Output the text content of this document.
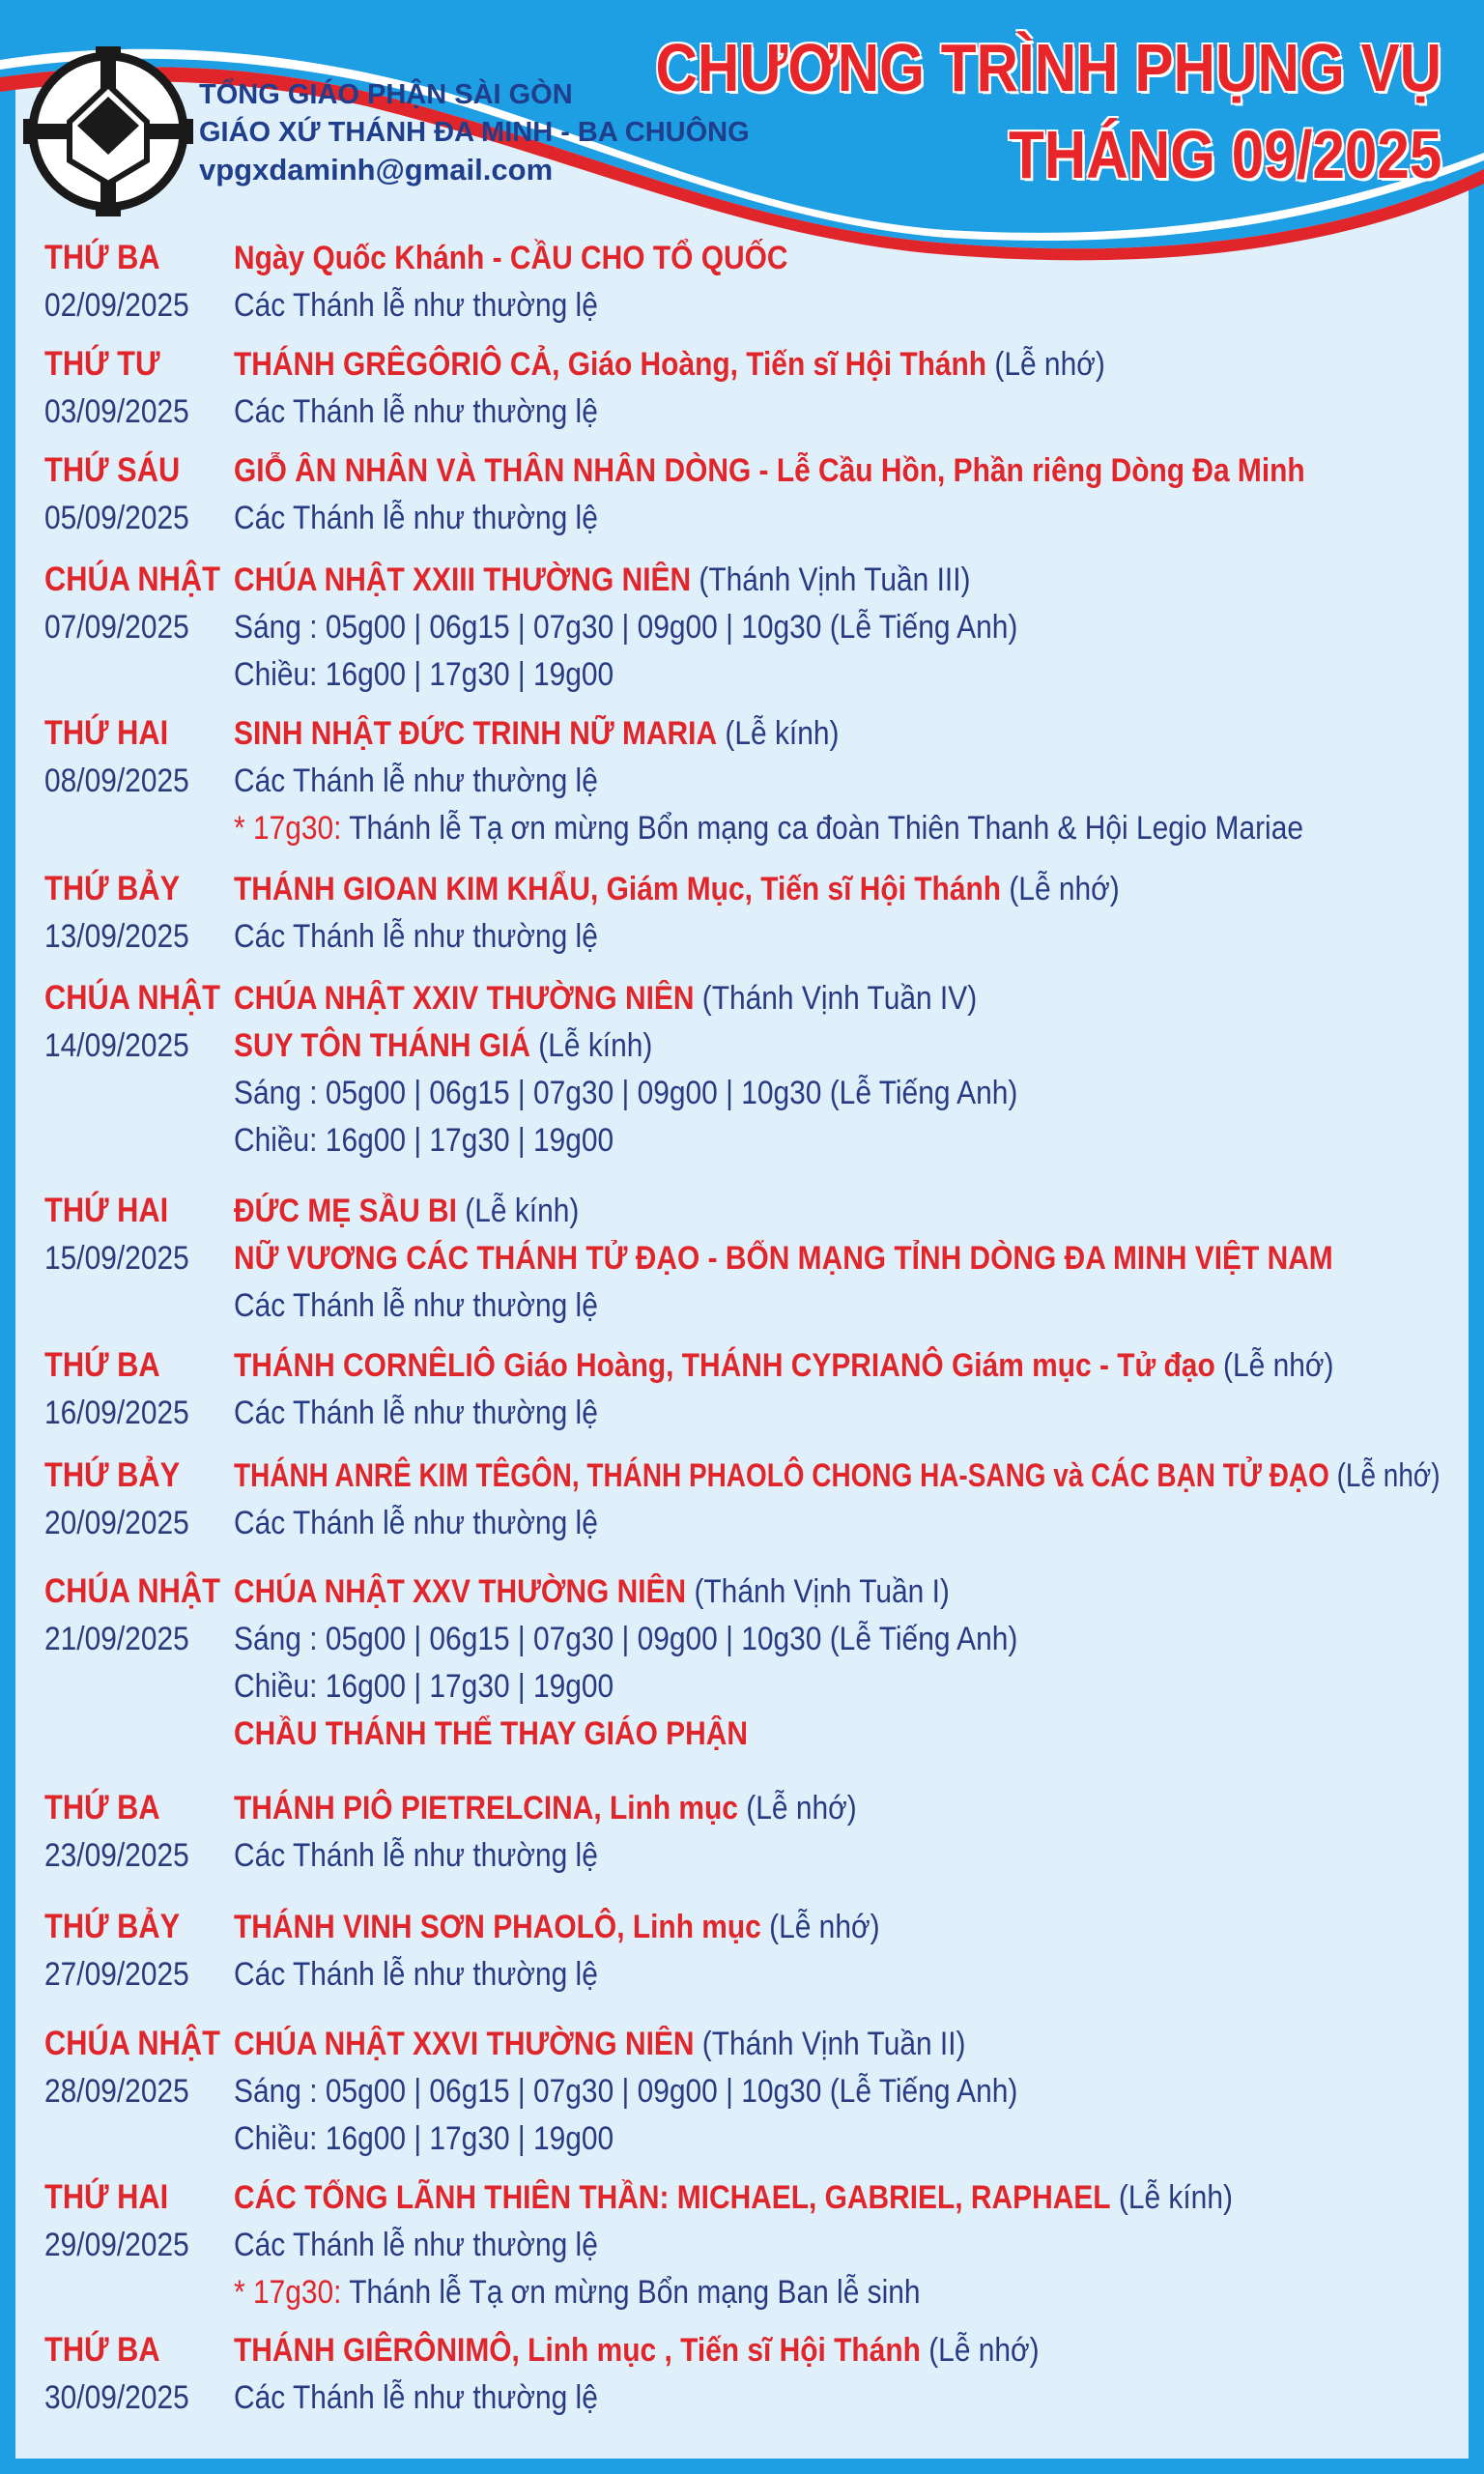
TỔNG GIÁO PHẬN SÀI GÒN
GIÁO XỨ THÁNH ĐA MINH - BA CHUÔNG
vpgxdaminh@gmail.com
CHƯƠNG TRÌNH PHỤNG VỤ
THÁNG 09/2025
THỨ BA
02/09/2025
Ngày Quốc Khánh - CẦU CHO TỔ QUỐC
Các Thánh lễ như thường lệ
THỨ TƯ
03/09/2025
THÁNH GRÊGÔRIÔ CẢ, Giáo Hoàng, Tiến sĩ Hội Thánh (Lễ nhớ)
Các Thánh lễ như thường lệ
THỨ SÁU
05/09/2025
GIỖ ÂN NHÂN VÀ THÂN NHÂN DÒNG - Lễ Cầu Hồn, Phần riêng Dòng Đa Minh
Các Thánh lễ như thường lệ
CHÚA NHẬT
07/09/2025
CHÚA NHẬT XXIII THƯỜNG NIÊN (Thánh Vịnh Tuần III)
Sáng : 05g00 | 06g15 | 07g30 | 09g00 | 10g30 (Lễ Tiếng Anh)
Chiều: 16g00 | 17g30 | 19g00
THỨ HAI
08/09/2025
SINH NHẬT ĐỨC TRINH NỮ MARIA (Lễ kính)
Các Thánh lễ như thường lệ
* 17g30: Thánh lễ Tạ ơn mừng Bổn mạng ca đoàn Thiên Thanh & Hội Legio Mariae
THỨ BẢY
13/09/2025
THÁNH GIOAN KIM KHẨU, Giám Mục, Tiến sĩ Hội Thánh (Lễ nhớ)
Các Thánh lễ như thường lệ
CHÚA NHẬT
14/09/2025
CHÚA NHẬT XXIV THƯỜNG NIÊN (Thánh Vịnh Tuần IV)
SUY TÔN THÁNH GIÁ (Lễ kính)
Sáng : 05g00 | 06g15 | 07g30 | 09g00 | 10g30 (Lễ Tiếng Anh)
Chiều: 16g00 | 17g30 | 19g00
THỨ HAI
15/09/2025
ĐỨC MẸ SẦU BI (Lễ kính)
NỮ VƯƠNG CÁC THÁNH TỬ ĐẠO - BỔN MẠNG TỈNH DÒNG ĐA MINH VIỆT NAM
Các Thánh lễ như thường lệ
THỨ BA
16/09/2025
THÁNH CORNÊLIÔ Giáo Hoàng, THÁNH CYPRIANÔ Giám mục - Tử đạo (Lễ nhớ)
Các Thánh lễ như thường lệ
THỨ BẢY
20/09/2025
THÁNH ANRÊ KIM TÊGÔN, THÁNH PHAOLÔ CHONG HA-SANG và CÁC BẠN TỬ ĐẠO (Lễ nhớ)
Các Thánh lễ như thường lệ
CHÚA NHẬT
21/09/2025
CHÚA NHẬT XXV THƯỜNG NIÊN (Thánh Vịnh Tuần I)
Sáng : 05g00 | 06g15 | 07g30 | 09g00 | 10g30 (Lễ Tiếng Anh)
Chiều: 16g00 | 17g30 | 19g00
CHẦU THÁNH THỂ THAY GIÁO PHẬN
THỨ BA
23/09/2025
THÁNH PIÔ PIETRELCINA, Linh mục (Lễ nhớ)
Các Thánh lễ như thường lệ
THỨ BẢY
27/09/2025
THÁNH VINH SƠN PHAOLÔ, Linh mục (Lễ nhớ)
Các Thánh lễ như thường lệ
CHÚA NHẬT
28/09/2025
CHÚA NHẬT XXVI THƯỜNG NIÊN (Thánh Vịnh Tuần II)
Sáng : 05g00 | 06g15 | 07g30 | 09g00 | 10g30 (Lễ Tiếng Anh)
Chiều: 16g00 | 17g30 | 19g00
THỨ HAI
29/09/2025
CÁC TỔNG LÃNH THIÊN THẦN: MICHAEL, GABRIEL, RAPHAEL (Lễ kính)
Các Thánh lễ như thường lệ
* 17g30: Thánh lễ Tạ ơn mừng Bổn mạng Ban lễ sinh
THỨ BA
30/09/2025
THÁNH GIÊRÔNIMÔ, Linh mục , Tiến sĩ Hội Thánh (Lễ nhớ)
Các Thánh lễ như thường lệ
